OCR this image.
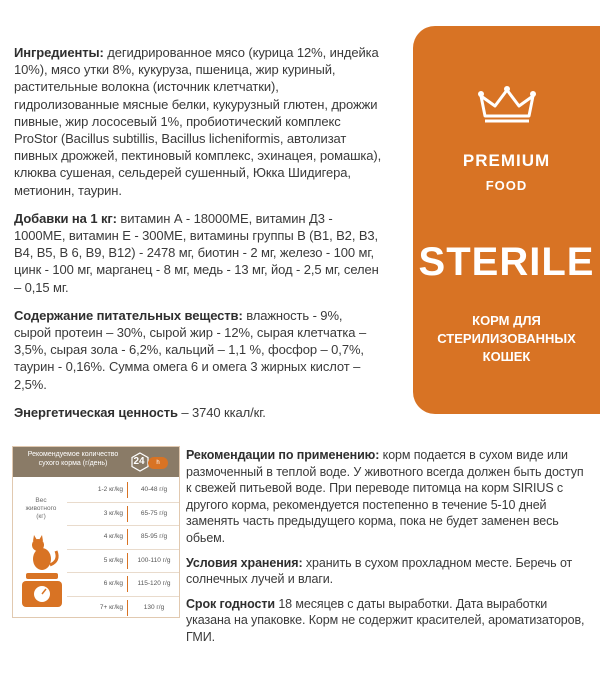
Ингредиенты: дегидрированное мясо (курица 12%, индейка 10%), мясо утки 8%, кукуруза, пшеница, жир куриный, растительные волокна (источник клетчатки), гидролизованные мясные белки, кукурузный глютен, дрожжи пивные, жир лососевый 1%, пробиотический комплекс ProStor (Bacillus subtillis, Bacillus licheniformis, автолизат пивных дрожжей, пектиновый комплекс, эхинацея, ромашка), клюква сушеная, сельдерей сушенный, Юкка Шидигера, метионин, таурин.

Добавки на 1 кг: витамин А - 18000МЕ, витамин Д3 - 1000МЕ, витамин Е - 300МЕ, витамины группы В (В1, В2, В3, В4, В5, В 6, В9, В12) - 2478 мг, биотин - 2 мг, железо - 100 мг, цинк - 100 мг, марганец - 8 мг, медь - 13 мг, йод - 2,5 мг, селен – 0,15 мг.

Содержание питательных веществ: влажность - 9%, сырой протеин – 30%, сырой жир - 12%, сырая клетчатка – 3,5%, сырая зола - 6,2%, кальций – 1,1 %, фосфор – 0,7%, таурин - 0,16%. Сумма омега 6 и омега 3 жирных кислот – 2,5%.

Энергетическая ценность – 3740 ккал/кг.

PREMIUM
FOOD
STERILE
КОРМ ДЛЯ
СТЕРИЛИЗОВАННЫХ
КОШЕК
Рекомендуемое количество сухого корма (г/день)	24	h
Вес животного (кг)
1-2 кг/kg	40-48 г/g
3 кг/kg	65-75 г/g
4 кг/kg	85-95 г/g
5 кг/kg	100-110 г/g
6 кг/kg	115-120 г/g
7+ кг/kg	130 г/g

Рекомендации по применению: корм подается в сухом виде или размоченный в теплой воде. У животного всегда должен быть доступ к свежей питьевой воде. При переводе питомца на корм SIRIUS с другого корма, рекомендуется постепенно в течение 5-10 дней заменять часть предыдущего корма, пока не будет заменен весь обьем.

Условия хранения: хранить в сухом прохладном месте. Беречь от солнечных лучей и влаги.

Срок годности 18 месяцев с даты выработки. Дата выработки указана на упаковке. Корм не содержит красителей, ароматизаторов, ГМИ.
